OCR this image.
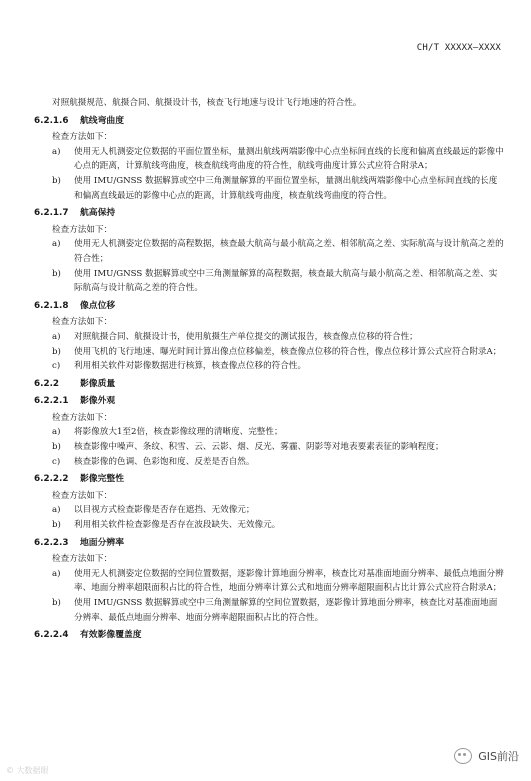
CH/T XXXXX—XXXX

对照航摄规范、航摄合同、航摄设计书，核查飞行地速与设计飞行地速的符合性。

6.2.1.6 航线弯曲度

检查方法如下：

a)	使用无人机测姿定位数据的平面位置坐标，量测出航线两端影像中心点坐标间直线的长度和偏离直线最远的影像中心点的距离，计算航线弯曲度，核查航线弯曲度的符合性，航线弯曲度计算公式应符合附录A；
b)	使用 IMU/GNSS 数据解算或空中三角测量解算的平面位置坐标，量测出航线两端影像中心点坐标间直线的长度和偏离直线最远的影像中心点的距离，计算航线弯曲度，核查航线弯曲度的符合性。
6.2.1.7 航高保持

检查方法如下：

a)	使用无人机测姿定位数据的高程数据，核查最大航高与最小航高之差、相邻航高之差、实际航高与设计航高之差的符合性；
b)	使用 IMU/GNSS 数据解算或空中三角测量解算的高程数据，核查最大航高与最小航高之差、相邻航高之差、实际航高与设计航高之差的符合性。
6.2.1.8 像点位移

检查方法如下：

a)	对照航摄合同、航摄设计书，使用航摄生产单位提交的测试报告，核查像点位移的符合性；
b)	使用飞机的飞行地速、曝光时间计算出像点位移偏差，核查像点位移的符合性，像点位移计算公式应符合附录A；
c)	利用相关软件对影像数据进行核算，核查像点位移的符合性。
6.2.2 影像质量
6.2.2.1 影像外观

检查方法如下：

a)	将影像放大1至2倍，核查影像纹理的清晰度、完整性；
b)	核查影像中噪声、条纹、积雪、云、云影、烟、反光、雾霾、阴影等对地表要素表征的影响程度；
c)	核查影像的色调、色彩饱和度、反差是否自然。
6.2.2.2 影像完整性

检查方法如下：

a)	以目视方式检查影像是否存在遮挡、无效像元；
b)	利用相关软件检查影像是否存在波段缺失、无效像元。
6.2.2.3 地面分辨率

检查方法如下：

a)	使用无人机测姿定位数据的空间位置数据，逐影像计算地面分辨率，核查比对基准面地面分辨率、最低点地面分辨率、地面分辨率超限面积占比的符合性，地面分辨率计算公式和地面分辨率超限面积占比计算公式应符合附录A；
b)	使用 IMU/GNSS 数据解算或空中三角测量解算的空间位置数据，逐影像计算地面分辨率，核查比对基准面地面分辨率、最低点地面分辨率、地面分辨率超限面积占比的符合性。
6.2.2.4 有效影像覆盖度
© 大数据眼
GIS前沿
